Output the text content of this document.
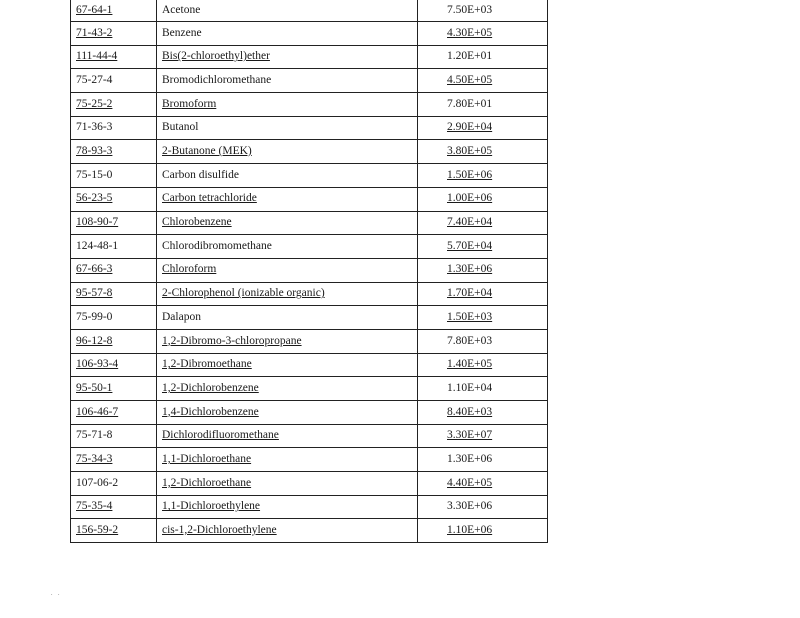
67-64-1	Acetone	7.50E+03
71-43-2	Benzene	4.30E+05
111-44-4	Bis(2-chloroethyl)ether	1.20E+01
75-27-4	Bromodichloromethane	4.50E+05
75-25-2	Bromoform	7.80E+01
71-36-3	Butanol	2.90E+04
78-93-3	2-Butanone (MEK)	3.80E+05
75-15-0	Carbon disulfide	1.50E+06
56-23-5	Carbon tetrachloride	1.00E+06
108-90-7	Chlorobenzene	7.40E+04
124-48-1	Chlorodibromomethane	5.70E+04
67-66-3	Chloroform	1.30E+06
95-57-8	2-Chlorophenol (ionizable organic)	1.70E+04
75-99-0	Dalapon	1.50E+03
96-12-8	1,2-Dibromo-3-chloropropane	7.80E+03
106-93-4	1,2-Dibromoethane	1.40E+05
95-50-1	1,2-Dichlorobenzene	1.10E+04
106-46-7	1,4-Dichlorobenzene	8.40E+03
75-71-8	Dichlorodifluoromethane	3.30E+07
75-34-3	1,1-Dichloroethane	1.30E+06
107-06-2	1,2-Dichloroethane	4.40E+05
75-35-4	1,1-Dichloroethylene	3.30E+06
156-59-2	cis-1,2-Dichloroethylene	1.10E+06
. .
